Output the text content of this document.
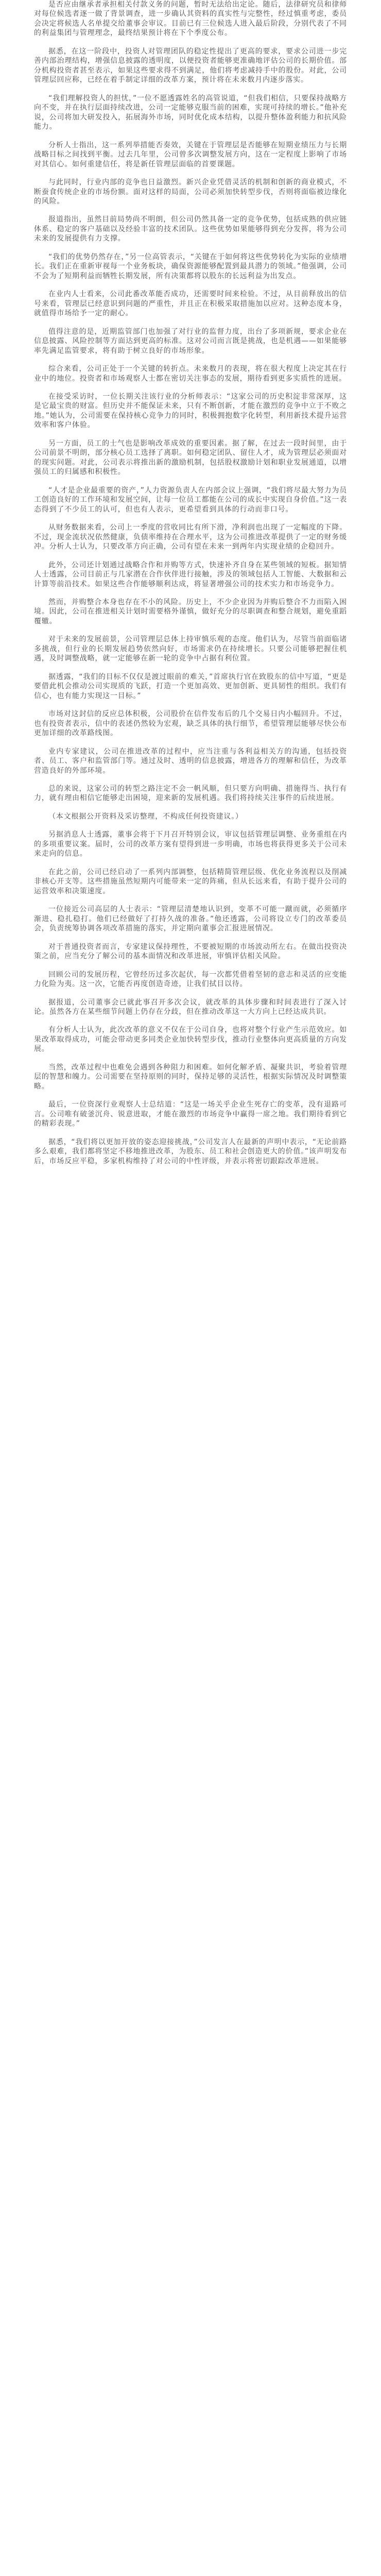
是否应由继承者承担相关付款义务的问题，暂时无法给出定论。随后，法律研究员和律师对每位候选者逐一做了背景调查，进一步确认其资料的真实性与完整性，经过慎重考虑，委员会决定将候选人名单提交给董事会审议。目前已有三位候选人进入最后阶段，分别代表了不同的利益集团与管理理念，最终结果预计将在下个季度公布。

据悉，在这一阶段中，投资人对管理团队的稳定性提出了更高的要求，要求公司进一步完善内部治理结构，增强信息披露的透明度，以便投资者能够更准确地评估公司的长期价值。部分机构投资者甚至表示，如果这些要求得不到满足，他们将考虑减持手中的股份。对此，公司管理层回应称，已经在着手制定详细的改革方案，预计将在未来数月内逐步落实。

“我们理解投资人的担忧，”一位不愿透露姓名的高管说道，“但我们相信，只要保持战略方向不变，并在执行层面持续改进，公司一定能够克服当前的困难，实现可持续的增长。”他补充说，公司将加大研发投入，拓展海外市场，同时优化成本结构，以提升整体盈利能力和抗风险能力。

分析人士指出，这一系列举措能否奏效，关键在于管理层是否能够在短期业绩压力与长期战略目标之间找到平衡。过去几年里，公司曾多次调整发展方向，这在一定程度上影响了市场对其信心。如何重建信任，将是新任管理层面临的首要课题。

与此同时，行业内部的竞争也日益激烈。新兴企业凭借灵活的机制和创新的商业模式，不断蚕食传统企业的市场份额。面对这样的局面，公司必须加快转型步伐，否则将面临被边缘化的风险。

报道指出，虽然目前局势尚不明朗，但公司仍然具备一定的竞争优势，包括成熟的供应链体系、稳定的客户基础以及经验丰富的技术团队。这些优势如果能够得到充分发挥，将为公司未来的发展提供有力支撑。

“我们的优势仍然存在，”另一位高管表示，“关键在于如何将这些优势转化为实际的业绩增长。我们正在重新审视每一个业务板块，确保资源能够配置到最具潜力的领域。”他强调，公司不会为了短期利益而牺牲长期发展，所有决策都将以股东的长远利益为出发点。

在业内人士看来，公司此番改革能否成功，还需要时间来检验。不过，从目前释放出的信号来看，管理层已经意识到问题的严重性，并且正在积极采取措施加以应对。这种态度本身，就值得市场给予一定的耐心。

值得注意的是，近期监管部门也加强了对行业的监督力度，出台了多项新规，要求企业在信息披露、风险控制等方面达到更高的标准。这对公司而言既是挑战，也是机遇——如果能够率先满足监管要求，将有助于树立良好的市场形象。

综合来看，公司正处于一个关键的转折点。未来数月的表现，将在很大程度上决定其在行业中的地位。投资者和市场观察人士都在密切关注事态的发展，期待看到更多实质性的进展。

在接受采访时，一位长期关注该行业的分析师表示：“这家公司的历史积淀非常深厚，这是它最宝贵的财富。但历史并不能保证未来，只有不断创新，才能在激烈的竞争中立于不败之地。”她认为，公司需要在保持核心竞争力的同时，积极拥抱数字化转型，利用新技术提升运营效率和客户体验。

另一方面，员工的士气也是影响改革成效的重要因素。据了解，在过去一段时间里，由于公司前景不明朗，部分核心员工选择了离职。如何稳定团队、留住人才，成为管理层必须面对的现实问题。对此，公司表示将推出新的激励机制，包括股权激励计划和职业发展通道，以增强员工的归属感和积极性。

“人才是企业最重要的资产，”人力资源负责人在内部会议上强调，“我们将尽最大努力为员工创造良好的工作环境和发展空间，让每一位员工都能在公司的成长中实现自身价值。”这一表态得到了不少员工的认可，但也有人表示，更希望看到具体的行动而非口号。

从财务数据来看，公司上一季度的营收同比有所下滑，净利润也出现了一定幅度的下降。不过，现金流状况依然健康，负债率维持在合理水平，这为公司推进改革提供了一定的财务缓冲。分析人士认为，只要改革方向正确，公司有望在未来一到两年内实现业绩的企稳回升。

此外，公司还计划通过战略合作和并购等方式，快速补齐自身在某些领域的短板。据知情人士透露，公司目前正与几家潜在合作伙伴进行接触，涉及的领域包括人工智能、大数据和云计算等前沿技术。如果这些合作能够顺利达成，将显著增强公司的技术实力和市场竞争力。

然而，并购整合本身也存在不小的风险。历史上，不少企业因为并购后整合不力而陷入困境。因此，公司在推进相关计划时需要格外谨慎，做好充分的尽职调查和整合规划，避免重蹈覆辙。

对于未来的发展前景，公司管理层总体上持审慎乐观的态度。他们认为，尽管当前面临诸多挑战，但行业的长期发展趋势依然向好，市场需求仍在持续增长。只要公司能够把握住机遇，及时调整战略，就一定能够在新一轮的竞争中占据有利位置。

据透露，“我们的目标不仅仅是渡过眼前的难关，”首席执行官在致股东的信中写道，“更是要借此机会推动公司实现质的飞跃，打造一个更加高效、更加创新、更具韧性的组织。我们有信心，也有能力实现这一目标。”

市场对这封信的反应总体积极，公司股价在信件发布后的几个交易日内小幅回升。不过，也有投资者表示，信中的表述仍然较为宏观，缺乏具体的执行细节，希望管理层能够尽快公布更加详细的改革路线图。

业内专家建议，公司在推进改革的过程中，应当注重与各利益相关方的沟通，包括投资者、员工、客户和监管部门等。通过及时、透明的信息披露，增进各方的理解和信任，为改革营造良好的外部环境。

总的来说，这家公司的转型之路注定不会一帆风顺，但只要方向明确、措施得当、执行有力，就有理由相信它能够走出困境，迎来新的发展机遇。我们将持续关注事件的后续进展。

（本文根据公开资料及采访整理，不构成任何投资建议。）

另据消息人士透露，董事会将于下月召开特别会议，审议包括管理层调整、业务重组在内的多项重要议案。届时，公司的改革方案有望得到进一步明确，市场也将获得更多关于公司未来走向的信息。

在此之前，公司已经启动了一系列内部调整，包括精简管理层级、优化业务流程以及削减非核心开支等。这些措施虽然短期内可能带来一定的阵痛，但从长远来看，有助于提升公司的运营效率和决策速度。

一位接近公司高层的人士表示：“管理层清楚地认识到，变革不可能一蹴而就，必须循序渐进、稳扎稳打。他们已经做好了打持久战的准备。”他还透露，公司将设立专门的改革委员会，负责统筹协调各项改革措施的落实，并定期向董事会汇报进展情况。

对于普通投资者而言，专家建议保持理性，不要被短期的市场波动所左右。在做出投资决策之前，应当充分了解公司的基本面情况和改革进展，审慎评估相关风险。

回顾公司的发展历程，它曾经历过多次起伏，每一次都凭借着坚韧的意志和灵活的应变能力化险为夷。这一次，它能否再度创造奇迹，让我们拭目以待。

据报道，公司董事会已就此事召开多次会议，就改革的具体步骤和时间表进行了深入讨论。虽然各方在某些细节问题上仍存在分歧，但在推动改革这一大方向上已经达成共识。

有分析人士认为，此次改革的意义不仅在于公司自身，也将对整个行业产生示范效应。如果改革取得成功，可能会带动更多同类企业加快转型步伐，推动行业整体向更高质量的方向发展。

当然，改革过程中也难免会遇到各种阻力和困难。如何化解矛盾、凝聚共识，考验着管理层的智慧和魄力。公司需要在坚持原则的同时，保持足够的灵活性，根据实际情况及时调整策略。

最后，一位资深行业观察人士总结道：“这是一场关乎企业生死存亡的变革，没有退路可言。公司唯有破釜沉舟、锐意进取，才能在激烈的市场竞争中赢得一席之地。我们期待看到它的精彩表现。”

据悉，“我们将以更加开放的姿态迎接挑战，”公司发言人在最新的声明中表示，“无论前路多么艰难，我们都将坚定不移地推进改革，为股东、员工和社会创造更大的价值。”该声明发布后，市场反应平稳，多家机构维持了对公司的中性评级，并表示将密切跟踪改革进展。
